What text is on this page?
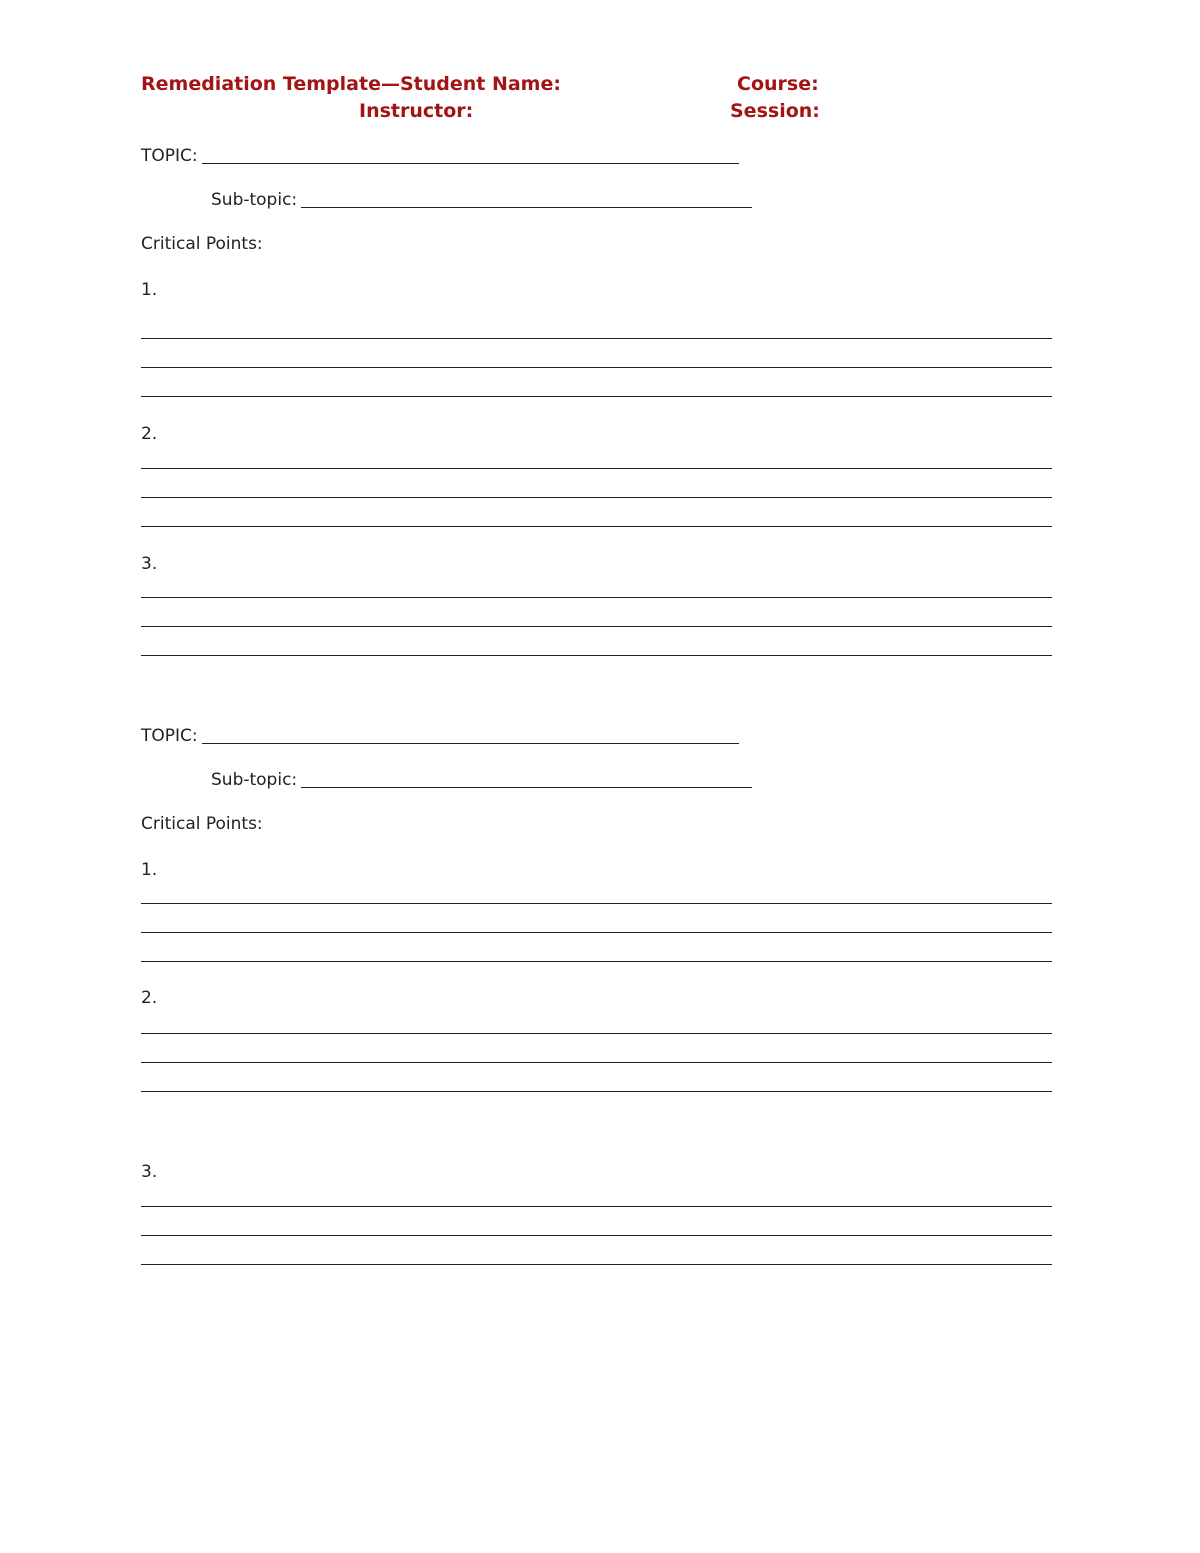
Remediation Template—Student Name:	Course:
Instructor:	Session:
TOPIC:
Sub-topic:
Critical Points:
1.
2.
3.
TOPIC:
Sub-topic:
Critical Points:
1.
2.
3.
